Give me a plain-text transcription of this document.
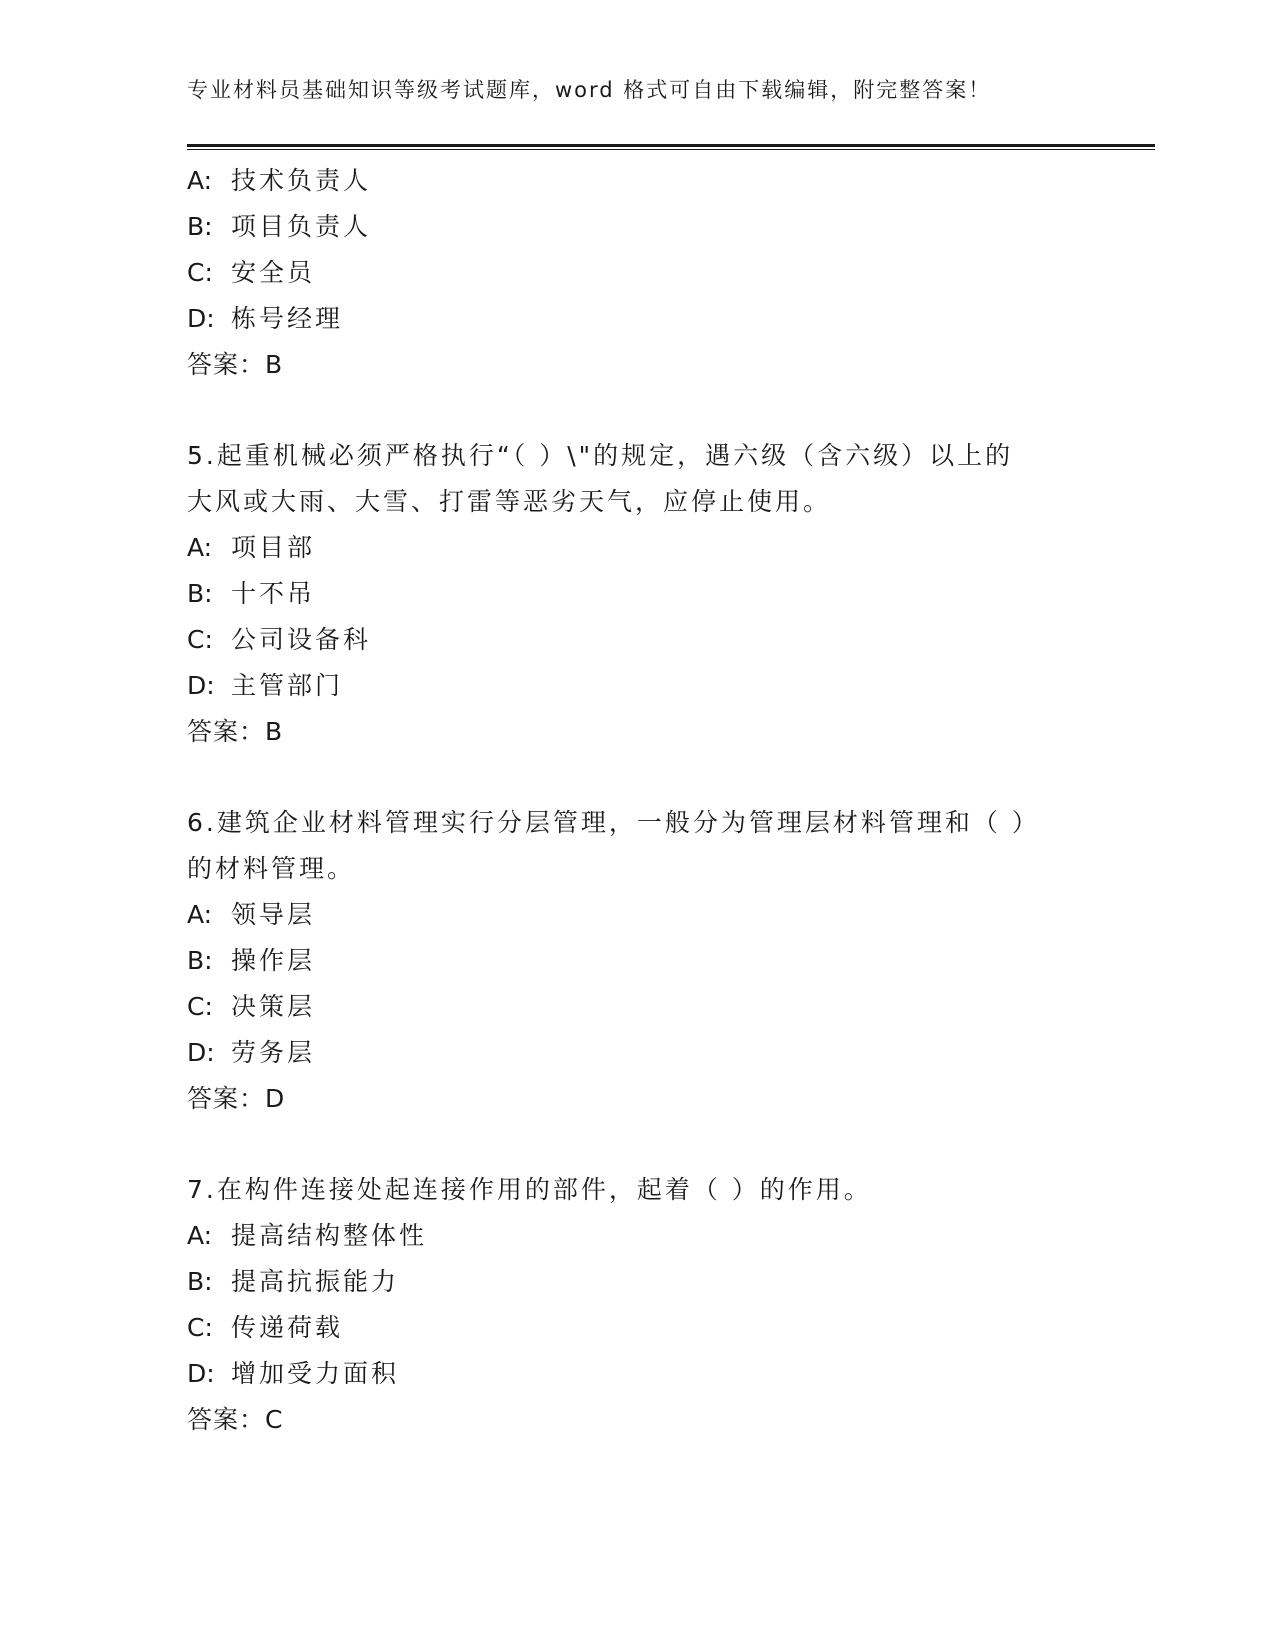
专业材料员基础知识等级考试题库，word 格式可自由下载编辑，附完整答案！
A: 技术负责人
B: 项目负责人
C: 安全员
D: 栋号经理
答案：B
5.起重机械必须严格执行“（ ）\"的规定，遇六级（含六级）以上的
大风或大雨、大雪、打雷等恶劣天气，应停止使用。
A: 项目部
B: 十不吊
C: 公司设备科
D: 主管部门
答案：B
6.建筑企业材料管理实行分层管理，一般分为管理层材料管理和（ ）
的材料管理。
A: 领导层
B: 操作层
C: 决策层
D: 劳务层
答案：D
7.在构件连接处起连接作用的部件，起着（ ）的作用。
A: 提高结构整体性
B: 提高抗振能力
C: 传递荷载
D: 增加受力面积
答案：C
